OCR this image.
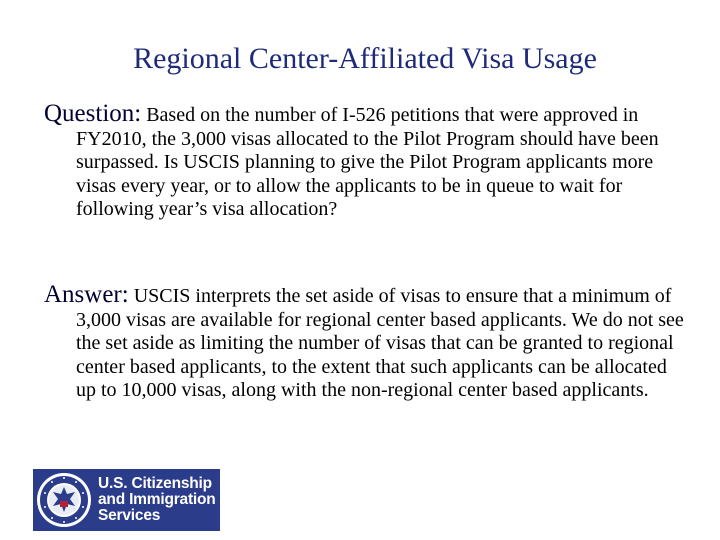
Regional Center-Affiliated Visa Usage
Question: Based on the number of I-526 petitions that were approved in FY2010, the 3,000 visas allocated to the Pilot Program should have been surpassed. Is USCIS planning to give the Pilot Program applicants more visas every year, or to allow the applicants to be in queue to wait for following year’s visa allocation?
Answer: USCIS interprets the set aside of visas to ensure that a minimum of 3,000 visas are available for regional center based applicants. We do not see the set aside as limiting the number of visas that can be granted to regional center based applicants, to the extent that such applicants can be allocated up to 10,000 visas, along with the non-regional center based applicants.
U.S. Citizenship
and Immigration
Services
